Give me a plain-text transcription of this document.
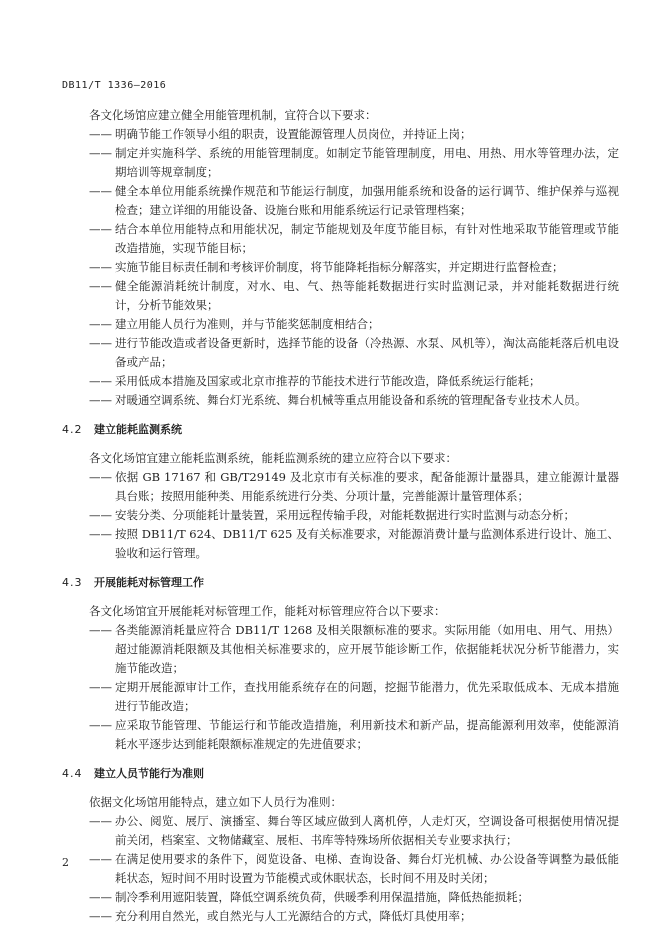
DB11/T 1336—2016

各文化场馆应建立健全用能管理机制，宜符合以下要求：

—— 明确节能工作领导小组的职责，设置能源管理人员岗位，并持证上岗；
—— 制定并实施科学、系统的用能管理制度。如制定节能管理制度，用电、用热、用水等管理办法，定期培训等规章制度；
—— 健全本单位用能系统操作规范和节能运行制度，加强用能系统和设备的运行调节、维护保养与巡视检查；建立详细的用能设备、设施台账和用能系统运行记录管理档案；
—— 结合本单位用能特点和用能状况，制定节能规划及年度节能目标，有针对性地采取节能管理或节能改造措施，实现节能目标；
—— 实施节能目标责任制和考核评价制度，将节能降耗指标分解落实，并定期进行监督检查；
—— 健全能源消耗统计制度，对水、电、气、热等能耗数据进行实时监测记录，并对能耗数据进行统计，分析节能效果；
—— 建立用能人员行为准则，并与节能奖惩制度相结合；
—— 进行节能改造或者设备更新时，选择节能的设备（冷热源、水泵、风机等），淘汰高能耗落后机电设备或产品；
—— 采用低成本措施及国家或北京市推荐的节能技术进行节能改造，降低系统运行能耗；
—— 对暖通空调系统、舞台灯光系统、舞台机械等重点用能设备和系统的管理配备专业技术人员。
4.2 建立能耗监测系统

各文化场馆宜建立能耗监测系统，能耗监测系统的建立应符合以下要求：

—— 依据 GB 17167 和 GB/T29149 及北京市有关标准的要求，配备能源计量器具，建立能源计量器具台账；按照用能种类、用能系统进行分类、分项计量，完善能源计量管理体系；
—— 安装分类、分项能耗计量装置，采用远程传输手段，对能耗数据进行实时监测与动态分析；
—— 按照 DB11/T 624、DB11/T 625 及有关标准要求，对能源消费计量与监测体系进行设计、施工、验收和运行管理。
4.3 开展能耗对标管理工作

各文化场馆宜开展能耗对标管理工作，能耗对标管理应符合以下要求：

—— 各类能源消耗量应符合 DB11/T 1268 及相关限额标准的要求。实际用能（如用电、用气、用热）超过能源消耗限额及其他相关标准要求的，应开展节能诊断工作，依据能耗状况分析节能潜力，实施节能改造；
—— 定期开展能源审计工作，查找用能系统存在的问题，挖掘节能潜力，优先采取低成本、无成本措施进行节能改造；
—— 应采取节能管理、节能运行和节能改造措施，利用新技术和新产品，提高能源利用效率，使能源消耗水平逐步达到能耗限额标准规定的先进值要求；
4.4 建立人员节能行为准则

依据文化场馆用能特点，建立如下人员行为准则：

—— 办公、阅览、展厅、演播室、舞台等区域应做到人离机停，人走灯灭，空调设备可根据使用情况提前关闭，档案室、文物储藏室、展柜、书库等特殊场所依据相关专业要求执行；
—— 在满足使用要求的条件下，阅览设备、电梯、查询设备、舞台灯光机械、办公设备等调整为最低能耗状态，短时间不用时设置为节能模式或休眠状态，长时间不用及时关闭；
—— 制冷季利用遮阳装置，降低空调系统负荷，供暖季利用保温措施，降低热能损耗；
—— 充分利用自然光，或自然光与人工光源结合的方式，降低灯具使用率；
2
